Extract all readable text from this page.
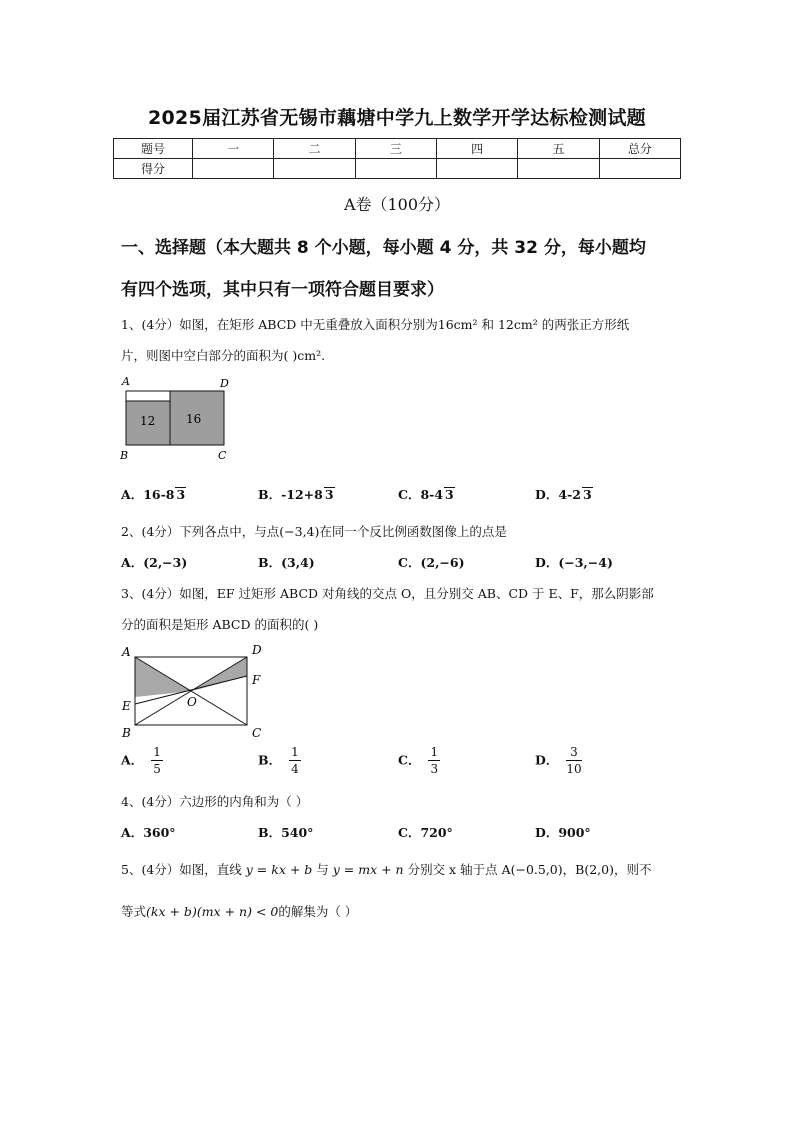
2025届江苏省无锡市藕塘中学九上数学开学达标检测试题
题号	一	二	三	四	五	总分
得分						
A卷（100分）
一、选择题（本大题共 8 个小题，每小题 4 分，共 32 分，每小题均
有四个选项，其中只有一项符合题目要求）
1、(4分）如图，在矩形 ABCD 中无重叠放入面积分别为16cm² 和 12cm² 的两张正方形纸
片，则图中空白部分的面积为( )cm².
A	D
B	C
12	16
A．16-8 3	B．-12+8 3	C．8-4 3	D．4-2 3
2、(4分）下列各点中，与点(−3,4)在同一个反比例函数图像上的点是
A．(2,−3)	B．(3,4)	C．(2,−6)	D．(−3,−4)
3、(4分）如图，EF 过矩形 ABCD 对角线的交点 O，且分别交 AB、CD 于 E、F，那么阴影部
分的面积是矩形 ABCD 的面积的( )
A	D
F
E	O
B	C
A． $\frac{1}{5}$	B． $\frac{1}{4}$	C． $\frac{1}{3}$	D． $\frac{3}{10}$
4、(4分）六边形的内角和为（ ）
A．360°	B．540°	C．720°	D．900°
5、(4分）如图，直线 y = kx + b 与 y = mx + n 分别交 x 轴于点 A(−0.5,0)，B(2,0)，则不
等式(kx + b)(mx + n) < 0的解集为（ ）
